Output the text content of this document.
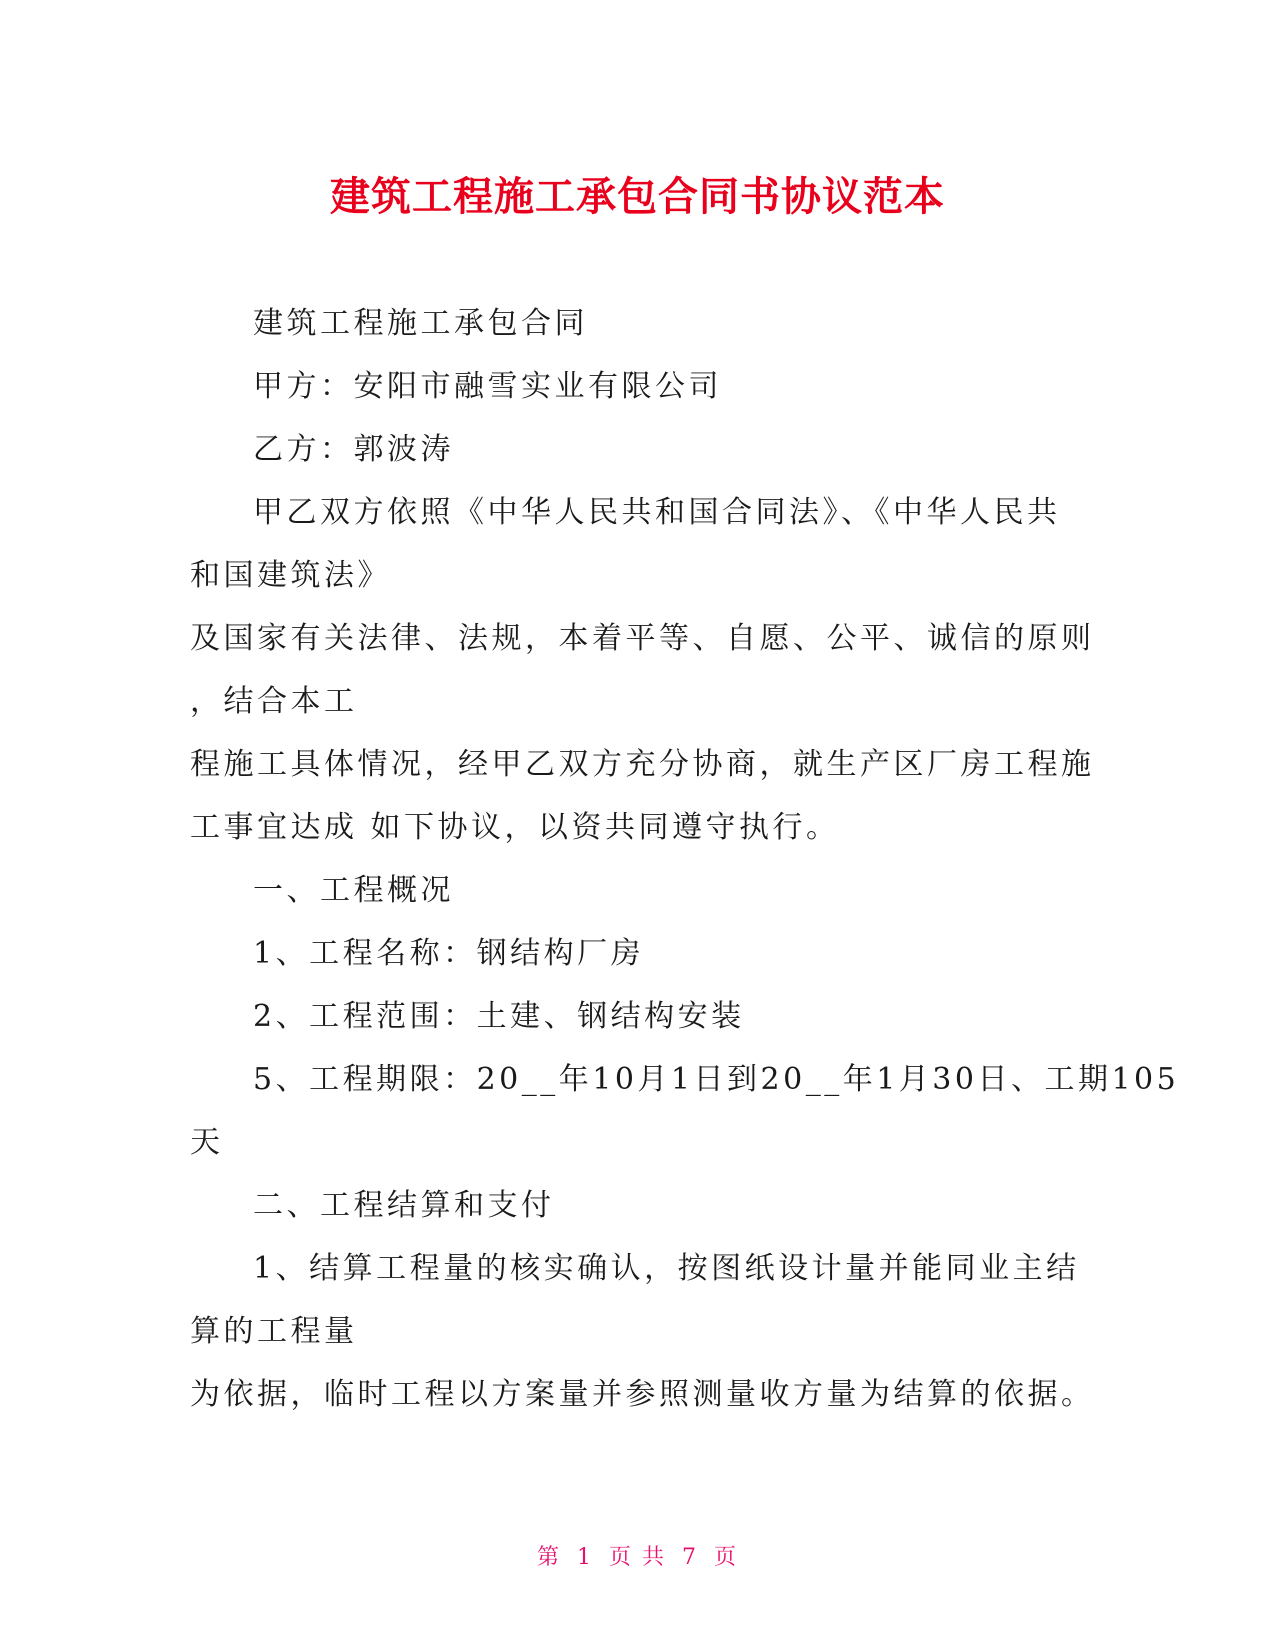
建筑工程施工承包合同书协议范本
建筑工程施工承包合同
甲方：安阳市融雪实业有限公司
乙方：郭波涛
甲乙双方依照《中华人民共和国合同法》、《中华人民共
和国建筑法》
及国家有关法律、法规，本着平等、自愿、公平、诚信的原则
，结合本工
程施工具体情况，经甲乙双方充分协商，就生产区厂房工程施
工事宜达成 如下协议，以资共同遵守执行。
一、工程概况
1、工程名称：钢结构厂房
2、工程范围：土建、钢结构安装
5、工程期限：20__年10月1日到20__年1月30日、工期105
天
二、工程结算和支付
1、结算工程量的核实确认，按图纸设计量并能同业主结
算的工程量
为依据，临时工程以方案量并参照测量收方量为结算的依据。
第 1 页 共 7 页
